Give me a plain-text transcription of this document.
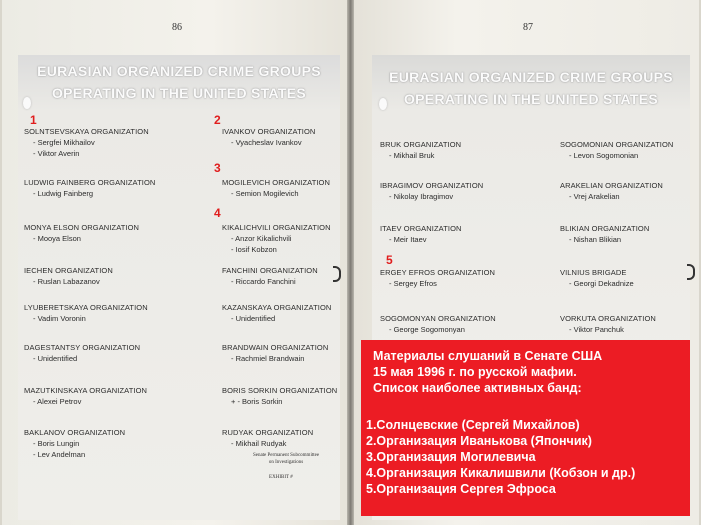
86	87
EURASIAN ORGANIZED CRIME GROUPS
OPERATING IN THE UNITED STATES
EURASIAN ORGANIZED CRIME GROUPS
OPERATING IN THE UNITED STATES
SOLNTSEVSKAYA ORGANIZATION
- Sergfei Mikhailov
- Viktor Averin
1
LUDWIG FAINBERG ORGANIZATION
- Ludwig Fainberg
MONYA ELSON ORGANIZATION
- Mooya Elson
IECHEN ORGANIZATION
- Ruslan Labazanov
LYUBERETSKAYA ORGANIZATION
- Vadim Voronin
DAGESTANTSY ORGANIZATION
- Unidentified
MAZUTKINSKAYA ORGANIZATION
- Alexei Petrov
BAKLANOV ORGANIZATION
- Boris Lungin
- Lev Andelman
IVANKOV ORGANIZATION
- Vyacheslav Ivankov
2
MOGILEVICH ORGANIZATION
- Semion Mogilevich
3
KIKALICHVILI ORGANIZATION
- Anzor Kikalichvili
- Iosif Kobzon
4
FANCHINI ORGANIZATION
- Riccardo Fanchini
KAZANSKAYA ORGANIZATION
- Unidentified
BRANDWAIN ORGANIZATION
- Rachmiel Brandwain
BORIS SORKIN ORGANIZATION
+ - Boris Sorkin
RUDYAK ORGANIZATION
- Mikhail Rudyak
BRUK ORGANIZATION
- Mikhail Bruk
IBRAGIMOV ORGANIZATION
- Nikolay Ibragimov
ITAEV ORGANIZATION
- Meir Itaev
ERGEY EFROS ORGANIZATION
- Sergey Efros
5
SOGOMONYAN ORGANIZATION
- George Sogomonyan
SOGOMONIAN ORGANIZATION
- Levon Sogomonian
ARAKELIAN ORGANIZATION
- Vrej Arakelian
BLIKIAN ORGANIZATION
- Nishan Blikian
VILNIUS BRIGADE
- Georgi Dekadnize
VORKUTA ORGANIZATION
- Viktor Panchuk
Senate Permanent Subcommittee
on Investigations
EXHIBIT #
Материалы слушаний в Сенате США
15 мая 1996 г. по русской мафии.
Список наиболее активных банд:
1.Солнцевские (Сергей Михайлов)
2.Организация Иванькова (Япончик)
3.Организация Могилевича
4.Организация Кикалишвили (Кобзон и др.)
5.Организация Сергея Эфроса
